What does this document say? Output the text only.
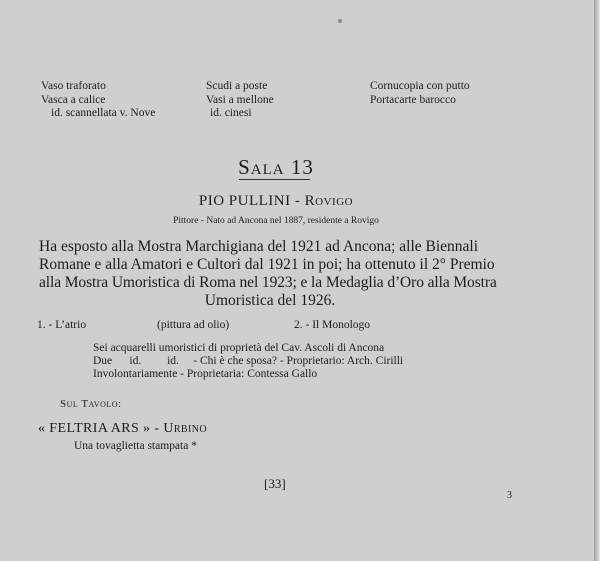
Vaso traforato
Vasca a calice
id. scannellata v. Nove
Scudi a poste
Vasi a mellone
id. cinesi
Cornucopia con putto
Portacarte barocco
Sala 13
PIO PULLINI - Rovigo
Pittore - Nato ad Ancona nel 1887, residente a Rovigo
Ha esposto alla Mostra Marchigiana del 1921 ad Ancona; alle Biennali
Romane e alla Amatori e Cultori dal 1921 in poi; ha ottenuto il 2° Premio
alla Mostra Umoristica di Roma nel 1923; e la Medaglia d’Oro alla Mostra
Umoristica del 1926.
1. - L’atrio	(pittura ad olio)	2. - Il Monologo
Sei acquarelli umoristici di proprietà del Cav. Ascoli di Ancona
Due      id.         id.     - Chi è che sposa? - Proprietario: Arch. Cirilli
Involontariamente - Proprietaria: Contessa Gallo
Sul Tavolo:
« FELTRIA ARS » - Urbino
Una tovaglietta stampata *
[33]
3
